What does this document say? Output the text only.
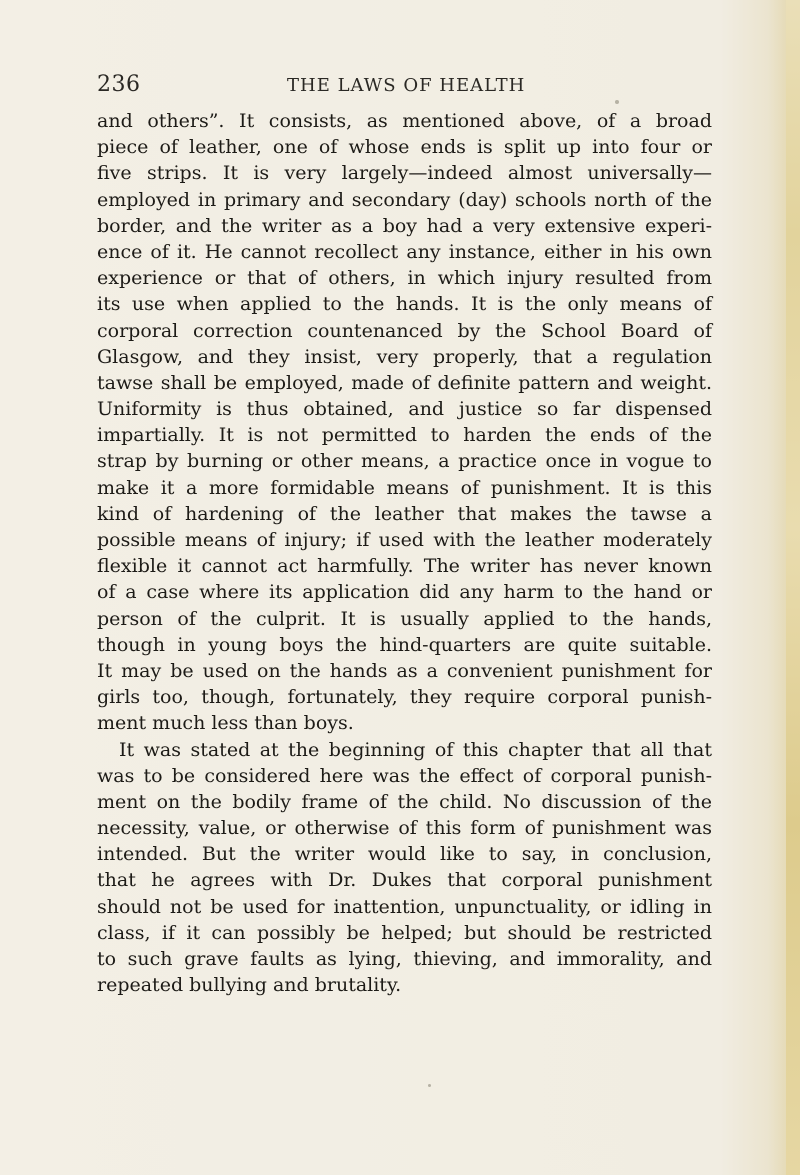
236	THE LAWS OF HEALTH
and others”. It consists, as mentioned above, of a broad
piece of leather, one of whose ends is split up into four or
five strips. It is very largely—indeed almost universally—
employed in primary and secondary (day) schools north of the
border, and the writer as a boy had a very extensive experi-
ence of it. He cannot recollect any instance, either in his own
experience or that of others, in which injury resulted from
its use when applied to the hands. It is the only means of
corporal correction countenanced by the School Board of
Glasgow, and they insist, very properly, that a regulation
tawse shall be employed, made of definite pattern and weight.
Uniformity is thus obtained, and justice so far dispensed
impartially. It is not permitted to harden the ends of the
strap by burning or other means, a practice once in vogue to
make it a more formidable means of punishment. It is this
kind of hardening of the leather that makes the tawse a
possible means of injury; if used with the leather moderately
flexible it cannot act harmfully. The writer has never known
of a case where its application did any harm to the hand or
person of the culprit. It is usually applied to the hands,
though in young boys the hind-quarters are quite suitable.
It may be used on the hands as a convenient punishment for
girls too, though, fortunately, they require corporal punish-
ment much less than boys.
It was stated at the beginning of this chapter that all that
was to be considered here was the effect of corporal punish-
ment on the bodily frame of the child. No discussion of the
necessity, value, or otherwise of this form of punishment was
intended. But the writer would like to say, in conclusion,
that he agrees with Dr. Dukes that corporal punishment
should not be used for inattention, unpunctuality, or idling in
class, if it can possibly be helped; but should be restricted
to such grave faults as lying, thieving, and immorality, and
repeated bullying and brutality.
